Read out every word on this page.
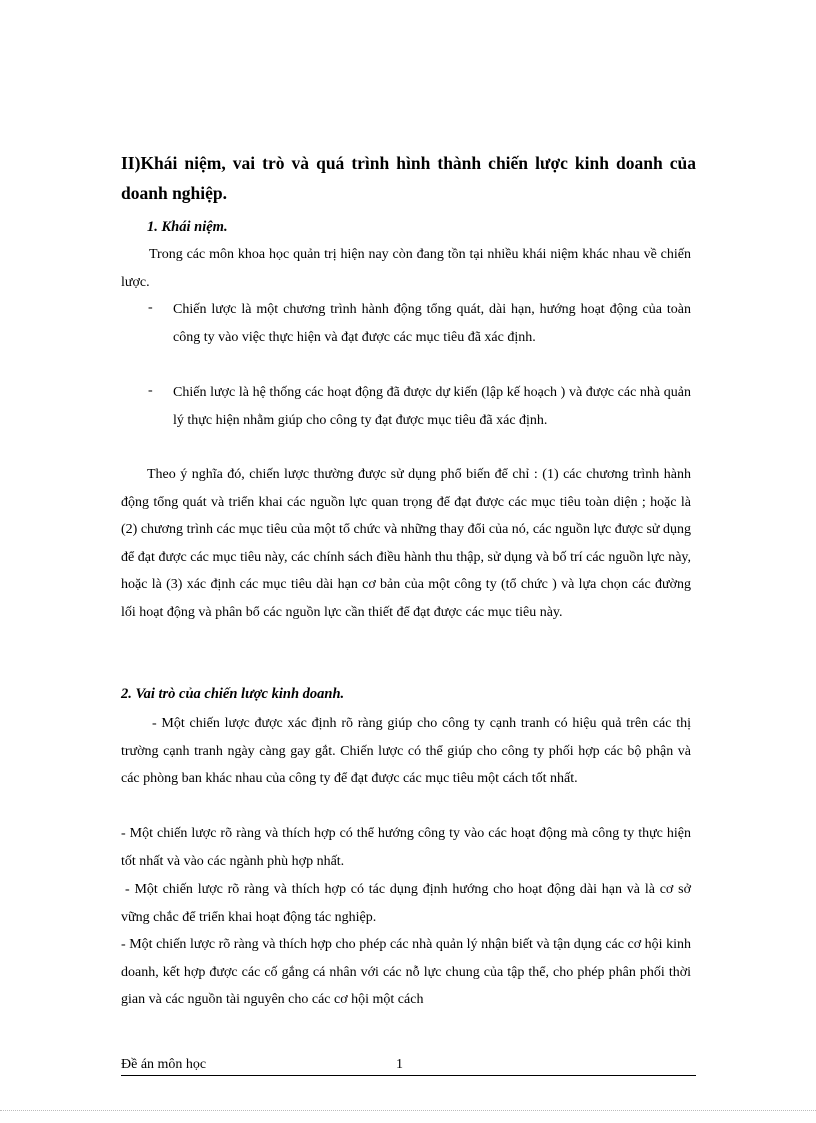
II)Khái niệm, vai trò và quá trình hình thành chiến lược kinh doanh của doanh nghiệp.
1. Khái niệm.

Trong các môn khoa học quản trị hiện nay còn đang tồn tại nhiều khái niệm khác nhau về chiến lược.

- Chiến lược là một chương trình hành động tổng quát, dài hạn, hướng hoạt động của toàn công ty vào việc thực hiện và đạt được các mục tiêu đã xác định.

- Chiến lược là hệ thống các hoạt động đã được dự kiến (lập kế hoạch ) và được các nhà quản lý thực hiện nhằm giúp cho công ty đạt được mục tiêu đã xác định.

Theo ý nghĩa đó, chiến lược thường được sử dụng phổ biến để chỉ : (1) các chương trình hành động tổng quát và triển khai các nguồn lực quan trọng để đạt được các mục tiêu toàn diện ; hoặc là (2) chương trình các mục tiêu của một tổ chức và những thay đổi của nó, các nguồn lực được sử dụng để đạt được các mục tiêu này, các chính sách điều hành thu thập, sử dụng và bố trí các nguồn lực này, hoặc là (3) xác định các mục tiêu dài hạn cơ bản của một công ty (tổ chức ) và lựa chọn các đường lối hoạt động và phân bổ các nguồn lực cần thiết để đạt được các mục tiêu này.

2. Vai trò của chiến lược kinh doanh.

- Một chiến lược được xác định rõ ràng giúp cho công ty cạnh tranh có hiệu quả trên các thị trường cạnh tranh ngày càng gay gắt. Chiến lược có thể giúp cho công ty phối hợp các bộ phận và các phòng ban khác nhau của công ty để đạt được các mục tiêu một cách tốt nhất.

- Một chiến lược rõ ràng và thích hợp có thể hướng công ty vào các hoạt động mà công ty thực hiện tốt nhất và vào các ngành phù hợp nhất.

- Một chiến lược rõ ràng và thích hợp có tác dụng định hướng cho hoạt động dài hạn và là cơ sở vững chắc để triển khai hoạt động tác nghiệp.

- Một chiến lược rõ ràng và thích hợp cho phép các nhà quản lý nhận biết và tận dụng các cơ hội kinh doanh, kết hợp được các cố gắng cá nhân với các nỗ lực chung của tập thể, cho phép phân phối thời gian và các nguồn tài nguyên cho các cơ hội một cách

Đề án môn học	1
